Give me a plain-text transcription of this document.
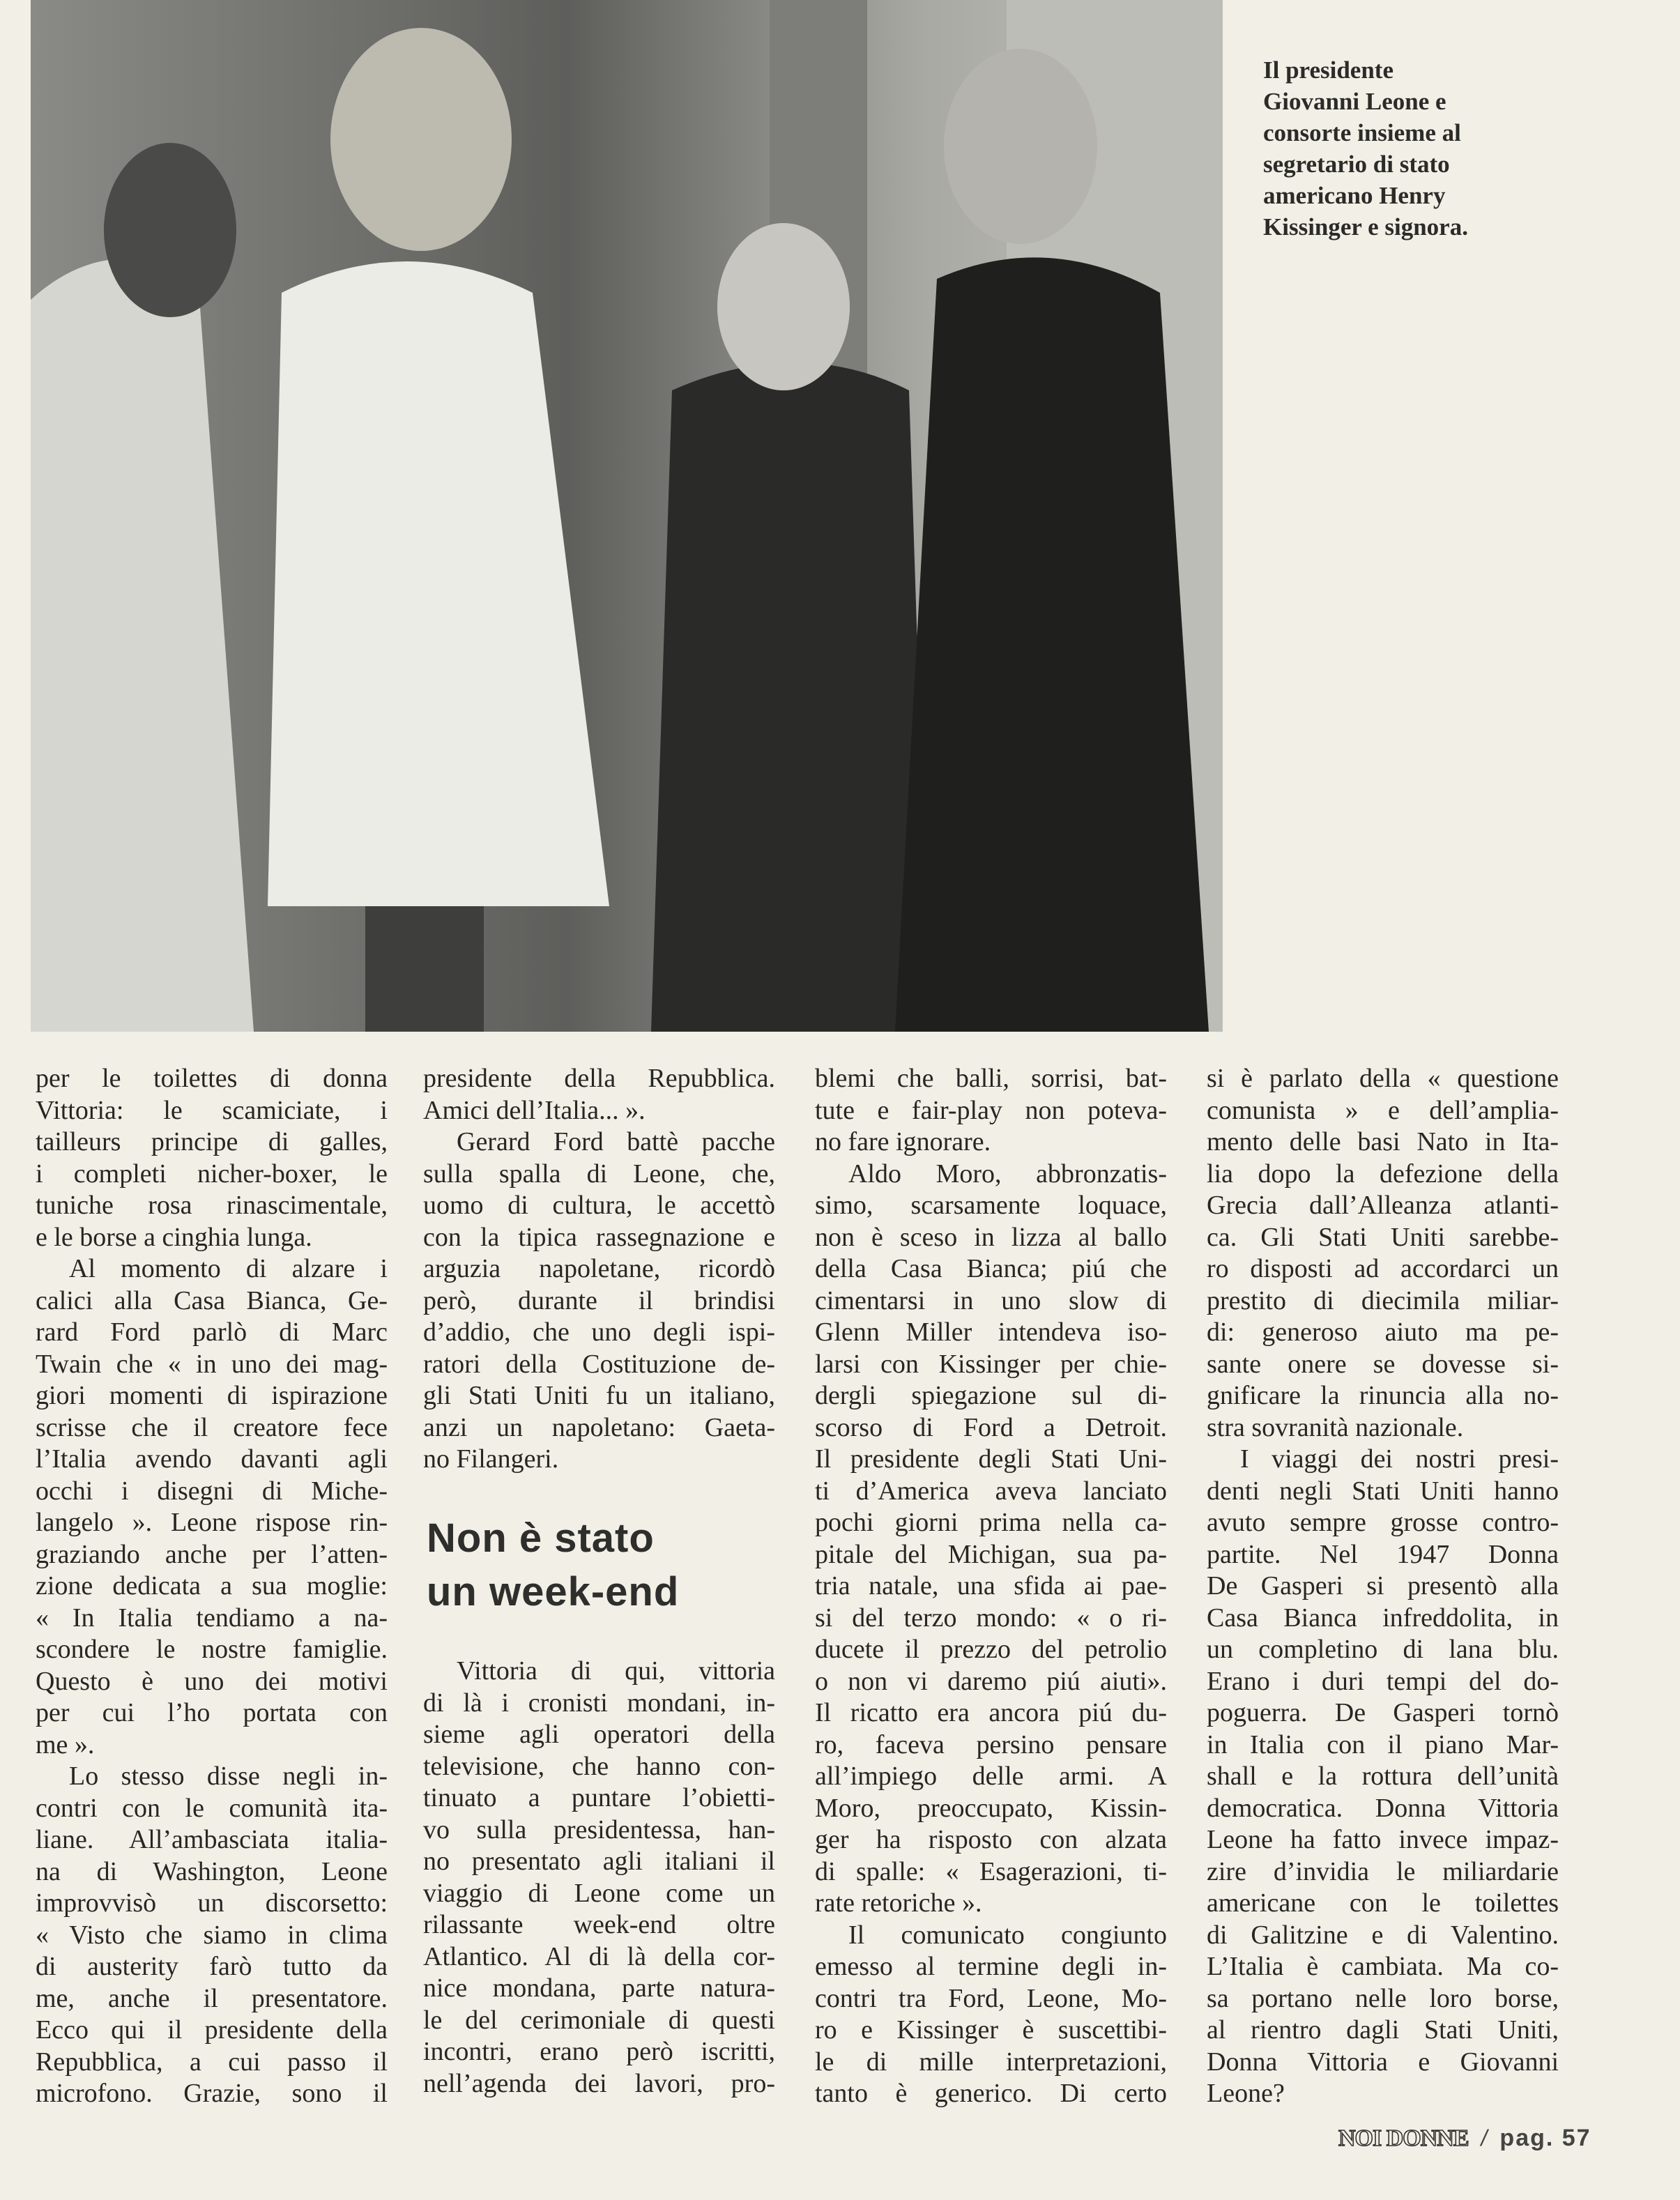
Il presidente
Giovanni Leone e
consorte insieme al
segretario di stato
americano Henry
Kissinger e signora.
per le toilettes di donna
Vittoria: le scamiciate, i
tailleurs principe di galles,
i completi nicher-boxer, le
tuniche rosa rinascimentale,
e le borse a cinghia lunga.
Al momento di alzare i
calici alla Casa Bianca, Ge-
rard Ford parlò di Marc
Twain che « in uno dei mag-
giori momenti di ispirazione
scrisse che il creatore fece
l’Italia avendo davanti agli
occhi i disegni di Miche-
langelo ». Leone rispose rin-
graziando anche per l’atten-
zione dedicata a sua moglie:
« In Italia tendiamo a na-
scondere le nostre famiglie.
Questo è uno dei motivi
per cui l’ho portata con
me ».
Lo stesso disse negli in-
contri con le comunità ita-
liane. All’ambasciata italia-
na di Washington, Leone
improvvisò un discorsetto:
« Visto che siamo in clima
di austerity farò tutto da
me, anche il presentatore.
Ecco qui il presidente della
Repubblica, a cui passo il
microfono. Grazie, sono il
presidente della Repubblica.
Amici dell’Italia... ».
Gerard Ford battè pacche
sulla spalla di Leone, che,
uomo di cultura, le accettò
con la tipica rassegnazione e
arguzia napoletane, ricordò
però, durante il brindisi
d’addio, che uno degli ispi-
ratori della Costituzione de-
gli Stati Uniti fu un italiano,
anzi un napoletano: Gaeta-
no Filangeri.
Non è stato
un week-end
Vittoria di qui, vittoria
di là i cronisti mondani, in-
sieme agli operatori della
televisione, che hanno con-
tinuato a puntare l’obietti-
vo sulla presidentessa, han-
no presentato agli italiani il
viaggio di Leone come un
rilassante week-end oltre
Atlantico. Al di là della cor-
nice mondana, parte natura-
le del cerimoniale di questi
incontri, erano però iscritti,
nell’agenda dei lavori, pro-
blemi che balli, sorrisi, bat-
tute e fair-play non poteva-
no fare ignorare.
Aldo Moro, abbronzatis-
simo, scarsamente loquace,
non è sceso in lizza al ballo
della Casa Bianca; piú che
cimentarsi in uno slow di
Glenn Miller intendeva iso-
larsi con Kissinger per chie-
dergli spiegazione sul di-
scorso di Ford a Detroit.
Il presidente degli Stati Uni-
ti d’America aveva lanciato
pochi giorni prima nella ca-
pitale del Michigan, sua pa-
tria natale, una sfida ai pae-
si del terzo mondo: « o ri-
ducete il prezzo del petrolio
o non vi daremo piú aiuti».
Il ricatto era ancora piú du-
ro, faceva persino pensare
all’impiego delle armi. A
Moro, preoccupato, Kissin-
ger ha risposto con alzata
di spalle: « Esagerazioni, ti-
rate retoriche ».
Il comunicato congiunto
emesso al termine degli in-
contri tra Ford, Leone, Mo-
ro e Kissinger è suscettibi-
le di mille interpretazioni,
tanto è generico. Di certo
si è parlato della « questione
comunista » e dell’amplia-
mento delle basi Nato in Ita-
lia dopo la defezione della
Grecia dall’Alleanza atlanti-
ca. Gli Stati Uniti sarebbe-
ro disposti ad accordarci un
prestito di diecimila miliar-
di: generoso aiuto ma pe-
sante onere se dovesse si-
gnificare la rinuncia alla no-
stra sovranità nazionale.
I viaggi dei nostri presi-
denti negli Stati Uniti hanno
avuto sempre grosse contro-
partite. Nel 1947 Donna
De Gasperi si presentò alla
Casa Bianca infreddolita, in
un completino di lana blu.
Erano i duri tempi del do-
poguerra. De Gasperi tornò
in Italia con il piano Mar-
shall e la rottura dell’unità
democratica. Donna Vittoria
Leone ha fatto invece impaz-
zire d’invidia le miliardarie
americane con le toilettes
di Galitzine e di Valentino.
L’Italia è cambiata. Ma co-
sa portano nelle loro borse,
al rientro dagli Stati Uniti,
Donna Vittoria e Giovanni
Leone?
NOI DONNE / pag. 57
